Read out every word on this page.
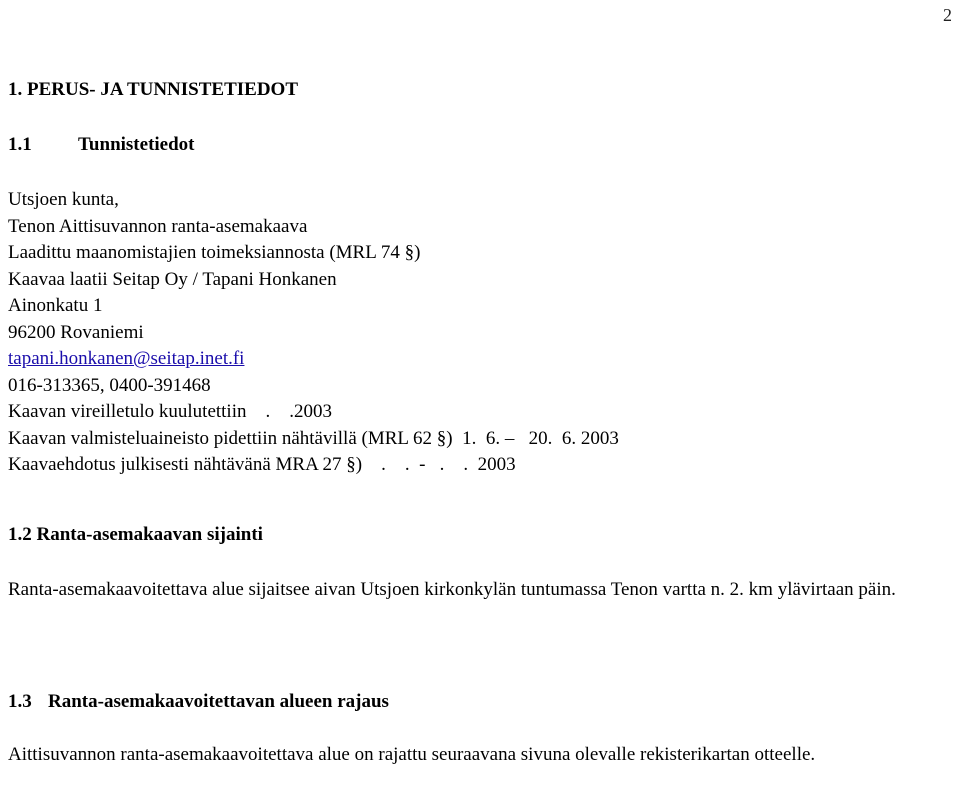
2
1. PERUS- JA TUNNISTETIEDOT
1.1 Tunnistetiedot
Utsjoen kunta,
Tenon Aittisuvannon ranta-asemakaava
Laadittu maanomistajien toimeksiannosta (MRL 74 §)
Kaavaa laatii Seitap Oy / Tapani Honkanen
Ainonkatu 1
96200 Rovaniemi
tapani.honkanen@seitap.inet.fi
016-313365, 0400-391468
Kaavan vireilletulo kuulutettiin    .    .2003
Kaavan valmisteluaineisto pidettiin nähtävillä (MRL 62 §)  1.  6. –   20.  6. 2003
Kaavaehdotus julkisesti nähtävänä MRA 27 §)    .    .  -   .    .  2003
1.2 Ranta-asemakaavan sijainti
Ranta-asemakaavoitettava alue sijaitsee aivan Utsjoen kirkonkylän tuntumassa Tenon vartta n. 2. km ylävirtaan päin.
1.3 Ranta-asemakaavoitettavan alueen rajaus
Aittisuvannon ranta-asemakaavoitettava alue on rajattu seuraavana sivuna olevalle rekisterikartan otteelle.
